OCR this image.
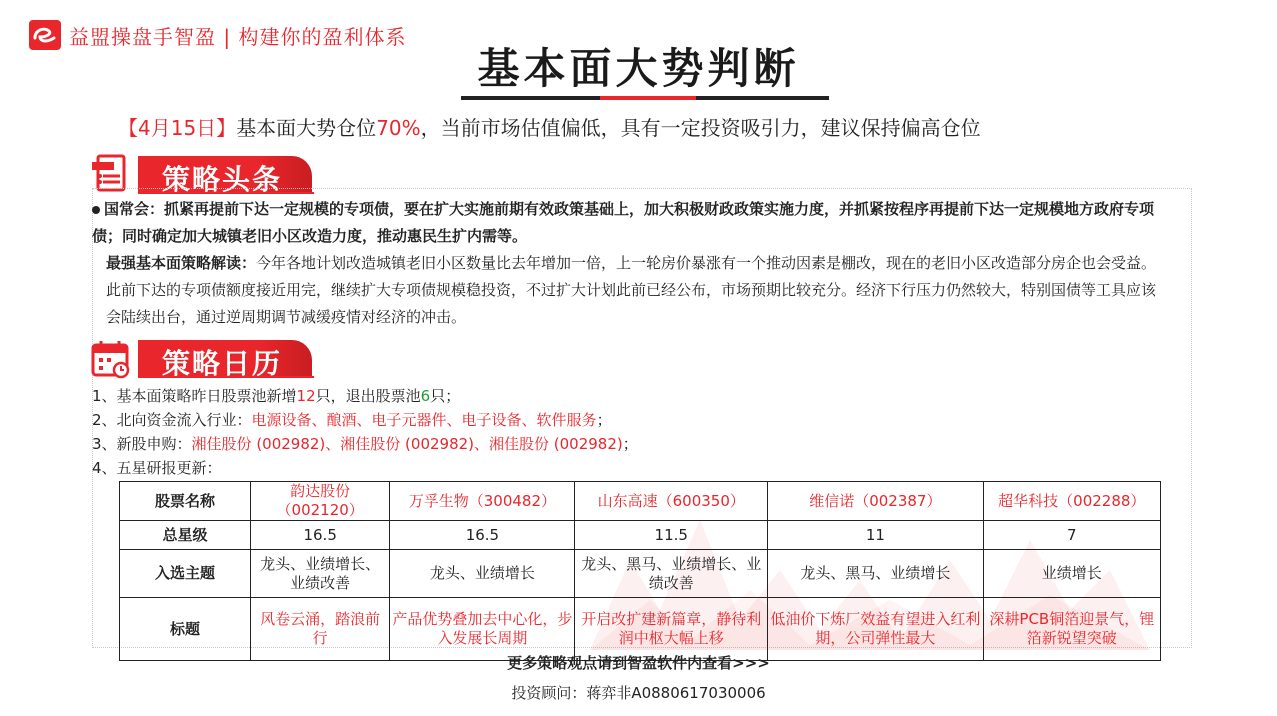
益盟操盘手智盈 | 构建你的盈利体系
基本面大势判断
【4月15日】基本面大势仓位70%，当前市场估值偏低，具有一定投资吸引力，建议保持偏高仓位
策略头条
国常会：抓紧再提前下达一定规模的专项债，要在扩大实施前期有效政策基础上，加大积极财政政策实施力度，并抓紧按程序再提前下达一定规模地方政府专项债；同时确定加大城镇老旧小区改造力度，推动惠民生扩内需等。
最强基本面策略解读：今年各地计划改造城镇老旧小区数量比去年增加一倍，上一轮房价暴涨有一个推动因素是棚改，现在的老旧小区改造部分房企也会受益。 此前下达的专项债额度接近用完，继续扩大专项债规模稳投资，不过扩大计划此前已经公布，市场预期比较充分。经济下行压力仍然较大，特别国债等工具应该会陆续出台，通过逆周期调节减缓疫情对经济的冲击。
策略日历
1、基本面策略昨日股票池新增12只，退出股票池6只；
2、北向资金流入行业：电源设备、酿酒、电子元器件、电子设备、软件服务；
3、新股申购：湘佳股份 (002982)、湘佳股份 (002982)、湘佳股份 (002982)；
4、五星研报更新：
股票名称	韵达股份（002120）	万孚生物（300482）	山东高速（600350）	维信诺（002387）	超华科技（002288）
总星级	16.5	16.5	11.5	11	7
入选主题	龙头、业绩增长、业绩改善	龙头、业绩增长	龙头、黑马、业绩增长、业绩改善	龙头、黑马、业绩增长	业绩增长
标题	风卷云涌，踏浪前行	产品优势叠加去中心化，步入发展长周期	开启改扩建新篇章，静待利润中枢大幅上移	低油价下炼厂效益有望进入红利期，公司弹性最大	深耕PCB铜箔迎景气，锂箔新锐望突破
更多策略观点请到智盈软件内查看>>>
投资顾问：蒋弈非A0880617030006
